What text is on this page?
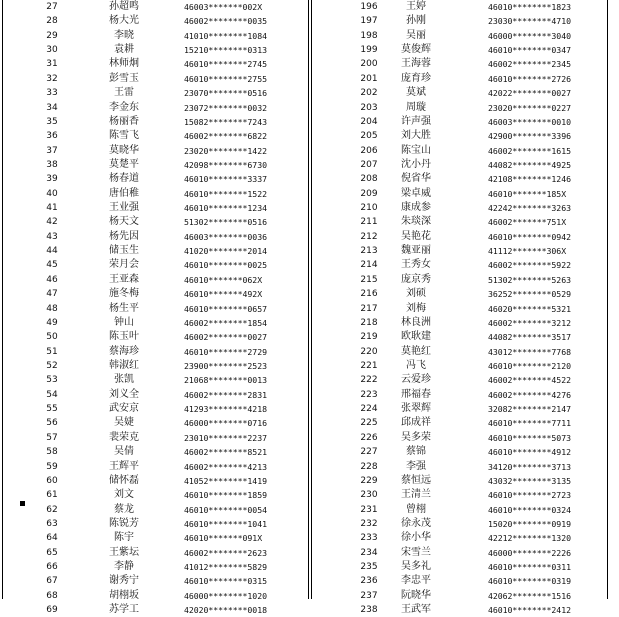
27	孙超鸣	46003*******002X
28	杨大光	46002********0035
29	李晓	41010********1084
30	袁耕	15210********0313
31	林师炯	46010********2745
32	彭雪玉	46010********2755
33	王雷	23070********0516
34	李金东	23072********0032
35	杨丽香	15082********7243
36	陈雪飞	46002********6822
37	莫晓华	23020********1422
38	莫楚平	42098********6730
39	杨春道	46010********3337
40	唐伯稚	46010********1522
41	王业强	46010********1234
42	杨天文	51302********0516
43	杨先因	46003********0036
44	储玉生	41020********2014
45	荣月会	46010********0025
46	王亚森	46010*******062X
47	施冬梅	46010*******492X
48	杨生平	46010********0657
49	钟山	46002********1854
50	陈玉叶	46002********0027
51	蔡海珍	46010********2729
52	韩淑红	23900********2523
53	张凯	21068********0013
54	刘义全	46002********2831
55	武安京	41293********4218
56	吴婕	46000********0716
57	裴荣克	23010********2237
58	吴倩	46002********8521
59	王辉平	46002********4213
60	储怀磊	41052********1419
61	刘文	46010********1859
62	蔡龙	46010********0054
63	陈锐芳	46010********1041
64	陈宇	46010*******091X
65	王紫坛	46002********2623
66	李静	41012********5829
67	谢秀宁	46010********0315
68	胡栩坂	46000********1020
69	苏学工	42020********0018
196	王婷	46010********1823
197	孙刚	23030********4710
198	吴丽	46000********3040
199	莫俊辉	46010********0347
200	王海蓉	46002********2345
201	庞育珍	46010********2726
202	莫斌	42022********0027
203	周璇	23020********0227
204	许声强	46003********0010
205	刘大胜	42900********3396
206	陈宝山	46002********1615
207	沈小丹	44082********4925
208	倪省华	42108********1246
209	梁卓威	46010*******185X
210	康成参	42242********3263
211	朱琰深	46002*******751X
212	吴艳花	46010********0942
213	魏亚丽	41112*******306X
214	王秀女	46002********5922
215	庞京秀	51302********5263
216	刘硕	36252********0529
217	刘梅	46020********5321
218	林良洲	46002********3212
219	欧耿建	44082********3517
220	莫艳红	43012********7768
221	冯飞	46010********2120
222	云爱珍	46002********4522
223	邢福春	46002********4276
224	张翠辉	32082********2147
225	邱成祥	46010********7711
226	吴多荣	46010********5073
227	蔡锦	46010********4912
228	李强	34120********3713
229	蔡恒远	43032********3135
230	王清兰	46010********2723
231	曾栩	46010********0324
232	徐永茂	15020********0919
233	徐小华	42212********1320
234	宋雪兰	46000********2226
235	吴多礼	46010********0311
236	李忠平	46010********0319
237	阮晓华	42062********1516
238	王武军	46010********2412
